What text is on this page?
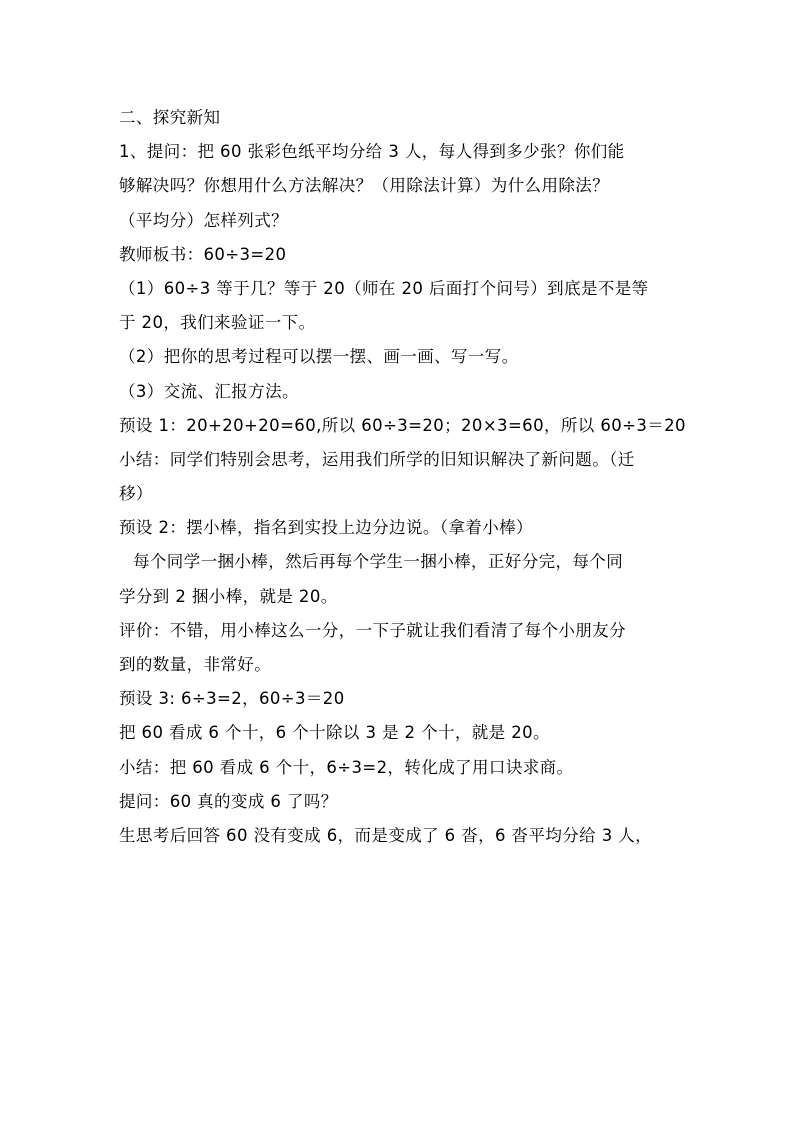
二、探究新知
1、提问：把 60 张彩色纸平均分给 3 人，每人得到多少张？你们能
够解决吗？你想用什么方法解决？（用除法计算）为什么用除法？
（平均分）怎样列式？
教师板书：60÷3=20
（1）60÷3 等于几？等于 20（师在 20 后面打个问号）到底是不是等
于 20，我们来验证一下。
（2）把你的思考过程可以摆一摆、画一画、写一写。
（3）交流、汇报方法。
预设 1：20+20+20=60,所以 60÷3=20；20×3=60，所以 60÷3＝20
小结：同学们特别会思考，运用我们所学的旧知识解决了新问题。（迁
移）
预设 2：摆小棒，指名到实投上边分边说。（拿着小棒）
每个同学一捆小棒，然后再每个学生一捆小棒，正好分完，每个同
学分到 2 捆小棒，就是 20。
评价：不错，用小棒这么一分，一下子就让我们看清了每个小朋友分
到的数量，非常好。
预设 3: 6÷3=2，60÷3＝20
把 60 看成 6 个十，6 个十除以 3 是 2 个十，就是 20。
小结：把 60 看成 6 个十，6÷3=2，转化成了用口诀求商。
提问：60 真的变成 6 了吗？
生思考后回答 60 没有变成 6，而是变成了 6 沓，6 沓平均分给 3 人，
